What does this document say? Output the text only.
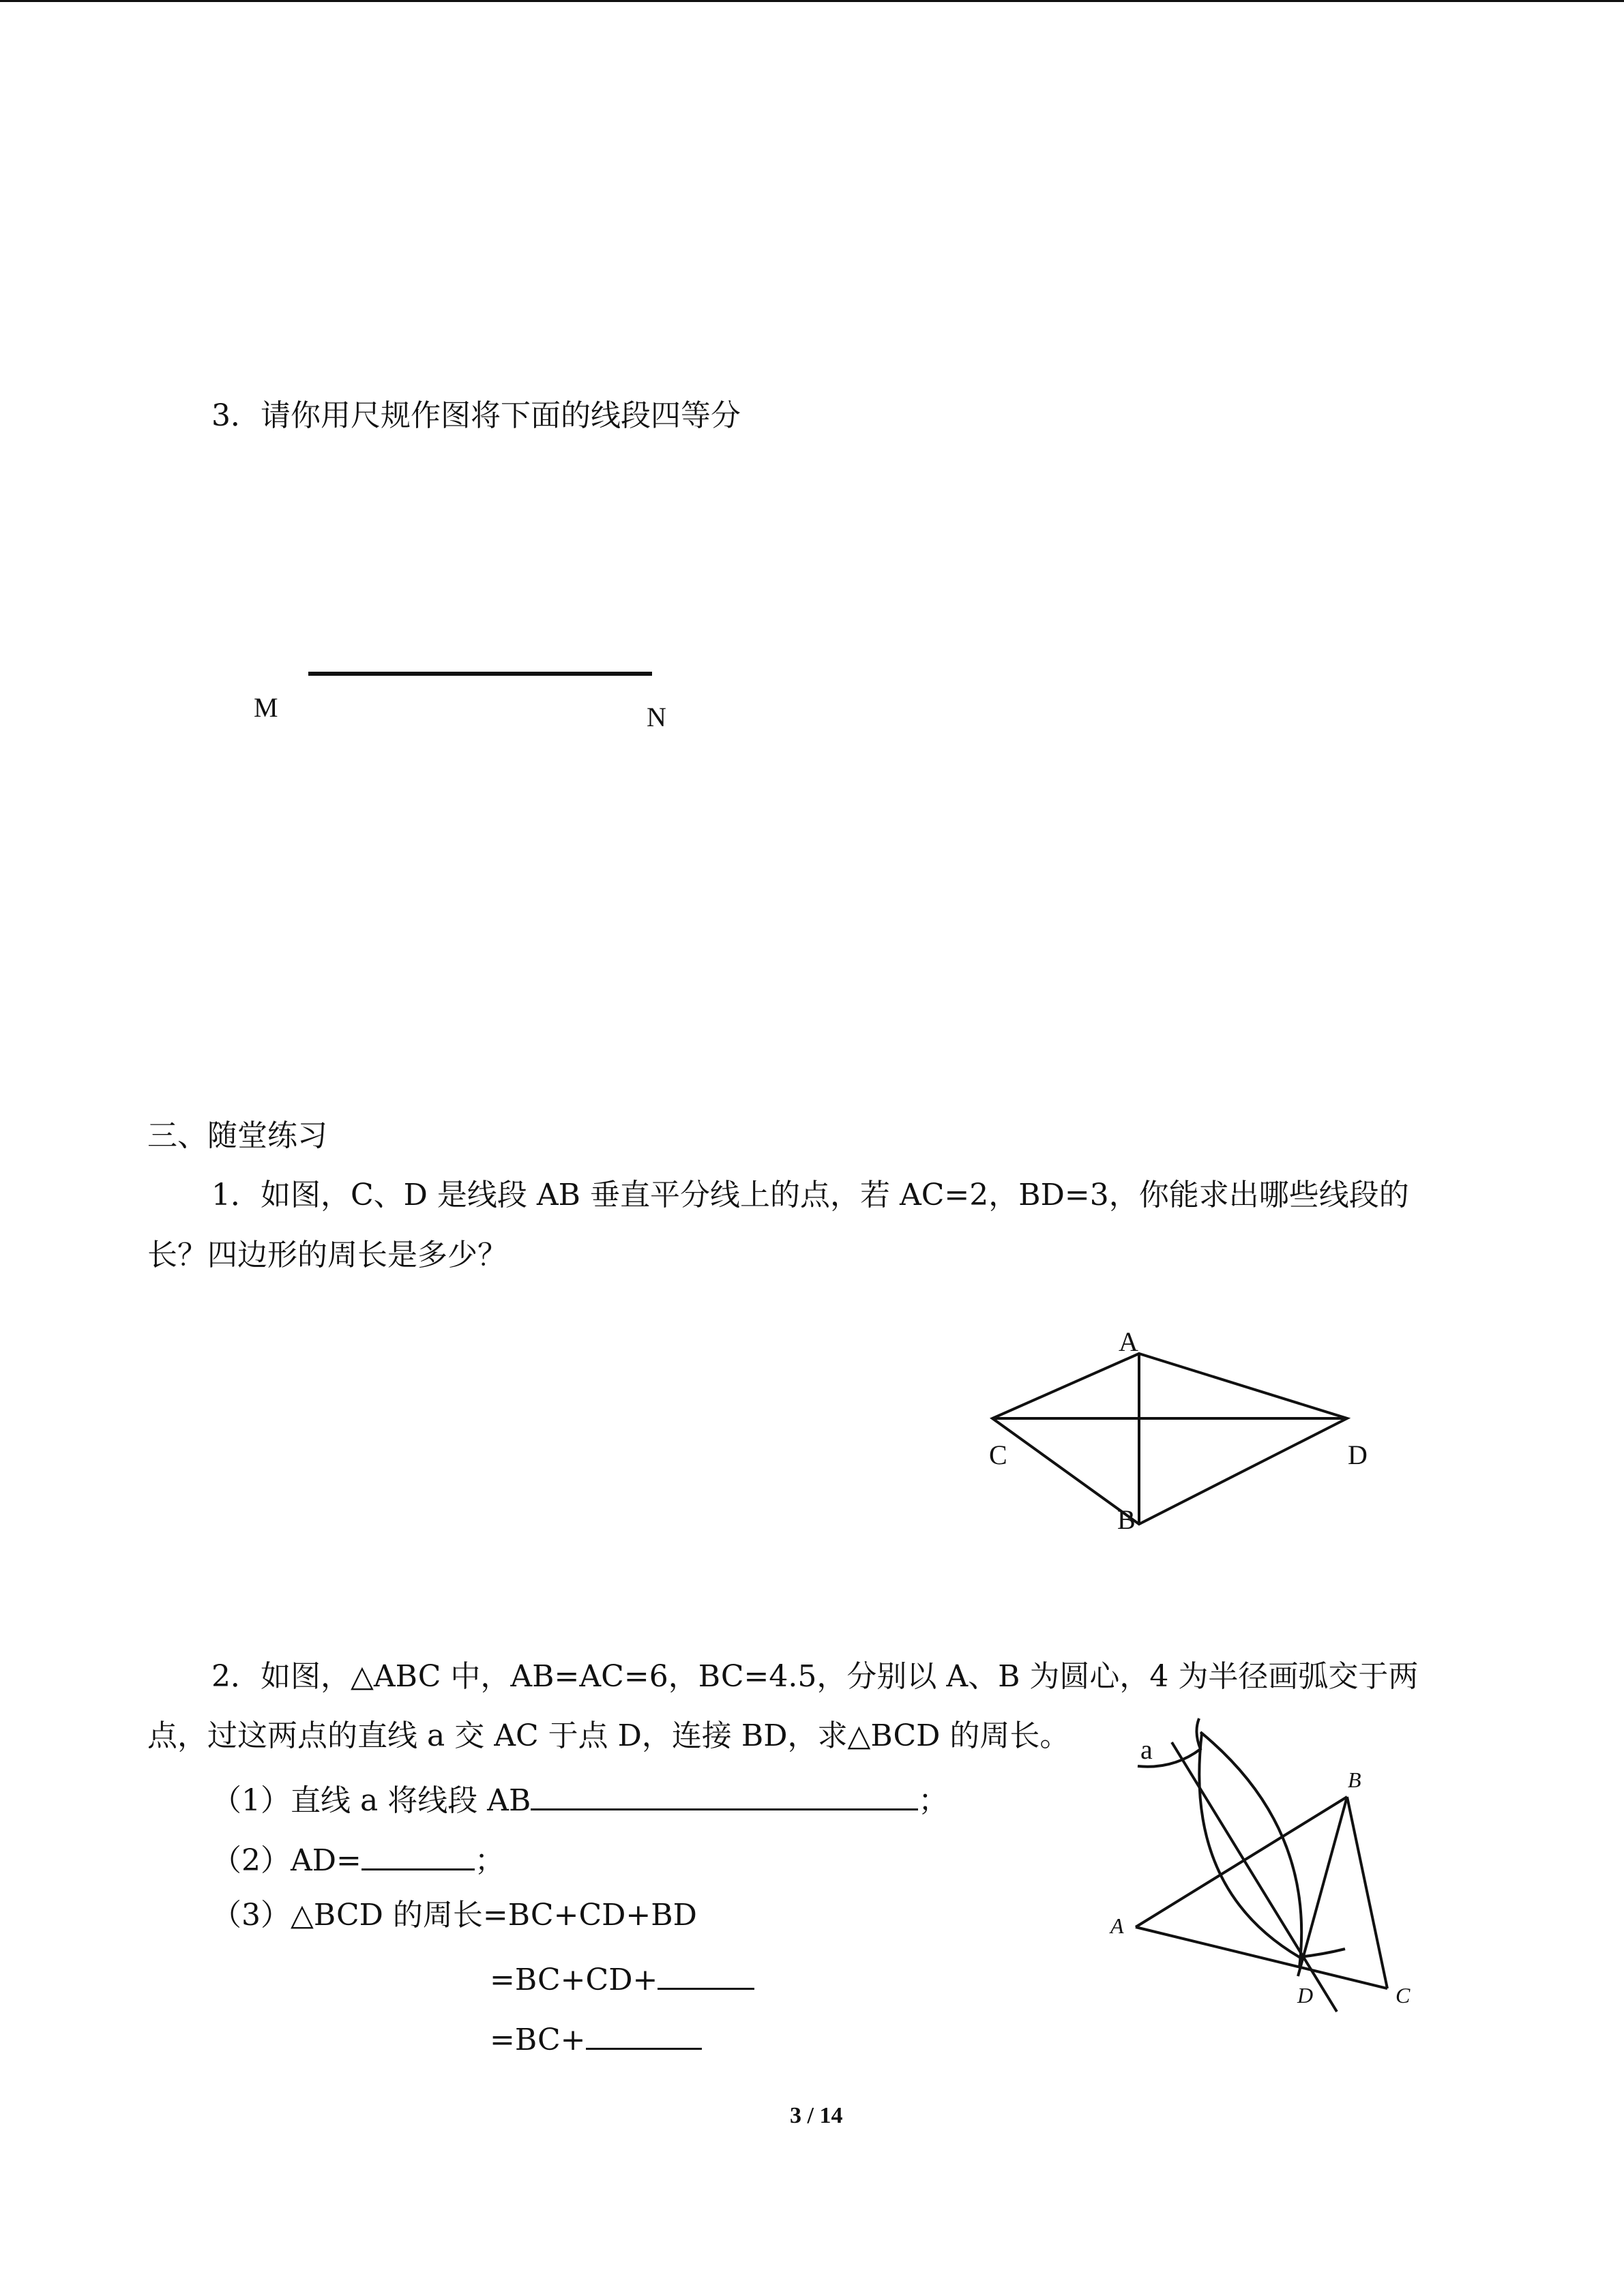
3．请你用尺规作图将下面的线段四等分
M	N
三、随堂练习
1．如图，C、D 是线段 AB 垂直平分线上的点，若 AC=2，BD=3，你能求出哪些线段的
长？四边形的周长是多少？
A
C	D
B
2．如图，△ABC 中，AB=AC=6，BC=4.5，分别以 A、B 为圆心，4 为半径画弧交于两
点，过这两点的直线 a 交 AC 于点 D，连接 BD，求△BCD 的周长。
（1）直线 a 将线段 AB	；
（2）AD=	；
（3）△BCD 的周长=BC+CD+BD
=BC+CD+
=BC+
a
B
A
D	C
3 / 14
